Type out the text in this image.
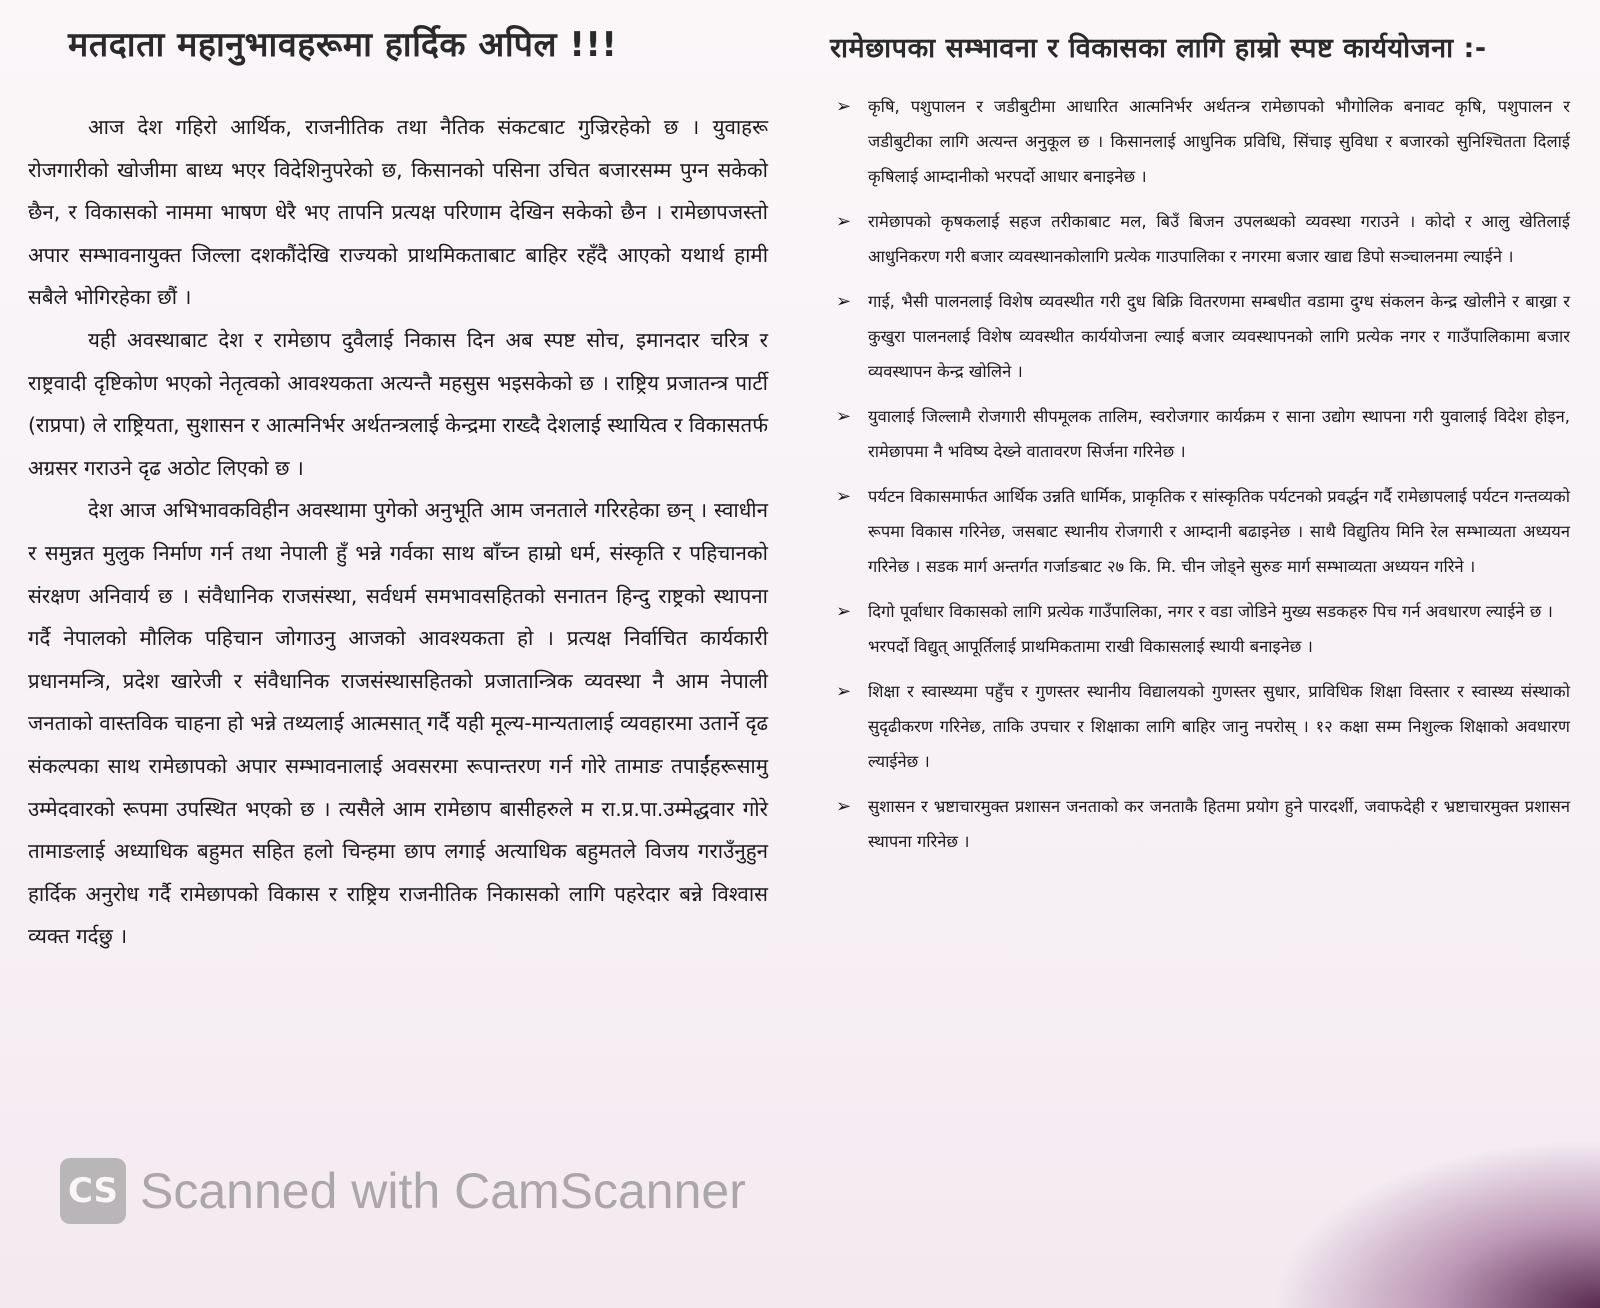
मतदाता महानुभावहरूमा हार्दिक अपिल !!!

आज देश गहिरो आर्थिक, राजनीतिक तथा नैतिक संकटबाट गुज्रिरहेको छ । युवाहरू रोजगारीको खोजीमा बाध्य भएर विदेशिनुपरेको छ, किसानको पसिना उचित बजारसम्म पुग्न सकेको छैन, र विकासको नाममा भाषण धेरै भए तापनि प्रत्यक्ष परिणाम देखिन सकेको छैन । रामेछापजस्तो अपार सम्भावनायुक्त जिल्ला दशकौंदेखि राज्यको प्राथमिकताबाट बाहिर रहँदै आएको यथार्थ हामी सबैले भोगिरहेका छौं ।

यही अवस्थाबाट देश र रामेछाप दुवैलाई निकास दिन अब स्पष्ट सोच, इमानदार चरित्र र राष्ट्रवादी दृष्टिकोण भएको नेतृत्वको आवश्यकता अत्यन्तै महसुस भइसकेको छ । राष्ट्रिय प्रजातन्त्र पार्टी (राप्रपा) ले राष्ट्रियता, सुशासन र आत्मनिर्भर अर्थतन्त्रलाई केन्द्रमा राख्दै देशलाई स्थायित्व र विकासतर्फ अग्रसर गराउने दृढ अठोट लिएको छ ।

देश आज अभिभावकविहीन अवस्थामा पुगेको अनुभूति आम जनताले गरिरहेका छन् । स्वाधीन र समुन्नत मुलुक निर्माण गर्न तथा नेपाली हुँ भन्ने गर्वका साथ बाँच्न हाम्रो धर्म, संस्कृति र पहिचानको संरक्षण अनिवार्य छ । संवैधानिक राजसंस्था, सर्वधर्म समभावसहितको सनातन हिन्दु राष्ट्रको स्थापना गर्दै नेपालको मौलिक पहिचान जोगाउनु आजको आवश्यकता हो । प्रत्यक्ष निर्वाचित कार्यकारी प्रधानमन्त्रि, प्रदेश खारेजी र संवैधानिक राजसंस्थासहितको प्रजातान्त्रिक व्यवस्था नै आम नेपाली जनताको वास्तविक चाहना हो भन्ने तथ्यलाई आत्मसात् गर्दै यही मूल्य-मान्यतालाई व्यवहारमा उतार्ने दृढ संकल्पका साथ रामेछापको अपार सम्भावनालाई अवसरमा रूपान्तरण गर्न गोरे तामाङ तपाईंहरूसामु उम्मेदवारको रूपमा उपस्थित भएको छ । त्यसैले आम रामेछाप बासीहरुले म रा.प्र.पा.उम्मेद्धवार गोरे तामाङलाई अध्याधिक बहुमत सहित हलो चिन्हमा छाप लगाई अत्याधिक बहुमतले विजय गराउँनुहुन हार्दिक अनुरोध गर्दै रामेछापको विकास र राष्ट्रिय राजनीतिक निकासको लागि पहरेदार बन्ने विश्वास व्यक्त गर्दछु ।

रामेछापका सम्भावना र विकासका लागि हाम्रो स्पष्ट कार्ययोजना :-
➢ कृषि, पशुपालन र जडीबुटीमा आधारित आत्मनिर्भर अर्थतन्त्र रामेछापको भौगोलिक बनावट कृषि, पशुपालन र जडीबुटीका लागि अत्यन्त अनुकूल छ । किसानलाई आधुनिक प्रविधि, सिंचाइ सुविधा र बजारको सुनिश्चितता दिलाई कृषिलाई आम्दानीको भरपर्दो आधार बनाइनेछ ।
➢ रामेछापको कृषकलाई सहज तरीकाबाट मल, बिउँ बिजन उपलब्धको व्यवस्था गराउने । कोदो र आलु खेतिलाई आधुनिकरण गरी बजार व्यवस्थानकोलागि प्रत्येक गाउपालिका र नगरमा बजार खाद्य डिपो सञ्चालनमा ल्याईने ।
➢ गाई, भैसी पालनलाई विशेष व्यवस्थीत गरी दुध बिक्रि वितरणमा सम्बधीत वडामा दुग्ध संकलन केन्द्र खोलीने र बाख्रा र कुखुरा पालनलाई विशेष व्यवस्थीत कार्ययोजना ल्याई बजार व्यवस्थापनको लागि प्रत्येक नगर र गाउँपालिकामा बजार व्यवस्थापन केन्द्र खोलिने ।
➢ युवालाई जिल्लामै रोजगारी सीपमूलक तालिम, स्वरोजगार कार्यक्रम र साना उद्योग स्थापना गरी युवालाई विदेश होइन, रामेछापमा नै भविष्य देख्ने वातावरण सिर्जना गरिनेछ ।
➢ पर्यटन विकासमार्फत आर्थिक उन्नति धार्मिक, प्राकृतिक र सांस्कृतिक पर्यटनको प्रवर्द्धन गर्दै रामेछापलाई पर्यटन गन्तव्यको रूपमा विकास गरिनेछ, जसबाट स्थानीय रोजगारी र आम्दानी बढाइनेछ । साथै विद्युतिय मिनि रेल सम्भाव्यता अध्ययन गरिनेछ । सडक मार्ग अन्तर्गत गर्जाङबाट २७ कि. मि. चीन जोड्ने सुरुङ मार्ग सम्भाव्यता अध्ययन गरिने ।
➢ दिगो पूर्वाधार विकासको लागि प्रत्येक गाउँपालिका, नगर र वडा जोडिने मुख्य सडकहरु पिच गर्न अवधारण ल्याईने छ ।
भरपर्दो विद्युत् आपूर्तिलाई प्राथमिकतामा राखी विकासलाई स्थायी बनाइनेछ ।
➢ शिक्षा र स्वास्थ्यमा पहुँच र गुणस्तर स्थानीय विद्यालयको गुणस्तर सुधार, प्राविधिक शिक्षा विस्तार र स्वास्थ्य संस्थाको सुदृढीकरण गरिनेछ, ताकि उपचार र शिक्षाका लागि बाहिर जानु नपरोस् । १२ कक्षा सम्म निशुल्क शिक्षाको अवधारण ल्याईनेछ ।
➢ सुशासन र भ्रष्टाचारमुक्त प्रशासन जनताको कर जनताकै हितमा प्रयोग हुने पारदर्शी, जवाफदेही र भ्रष्टाचारमुक्त प्रशासन स्थापना गरिनेछ ।
CS Scanned with CamScanner
